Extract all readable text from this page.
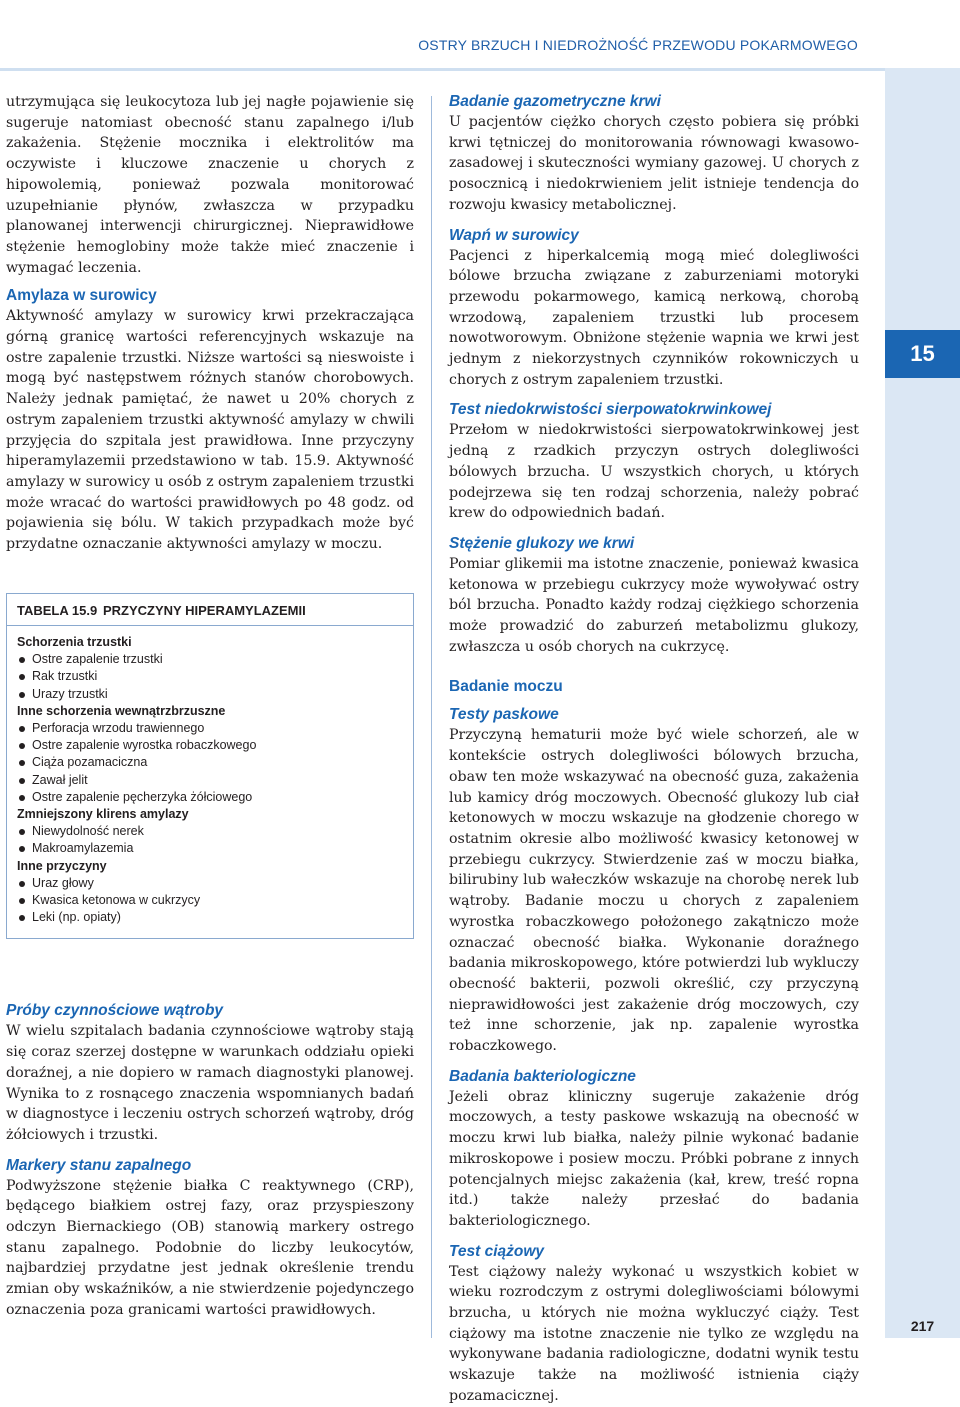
OSTRY BRZUCH I NIEDROŻNOŚĆ PRZEWODU POKARMOWEGO
15
217

utrzymująca się leukocytoza lub jej nagłe pojawienie się sugeruje natomiast obecność stanu zapalnego i/lub zakażenia. Stężenie mocznika i elektrolitów ma oczywiste i kluczowe znaczenie u chorych z hipowolemią, ponieważ pozwala monitorować uzupełnianie płynów, zwłaszcza w przypadku planowanej interwencji chirurgicznej. Nieprawidłowe stężenie hemoglobiny może także mieć znaczenie i wymagać leczenia.

Amylaza w surowicy

Aktywność amylazy w surowicy krwi przekraczająca górną granicę wartości referencyjnych wskazuje na ostre zapalenie trzustki. Niższe wartości są nieswoiste i mogą być następstwem różnych stanów chorobowych. Należy jednak pamiętać, że nawet u 20% chorych z ostrym zapaleniem trzustki aktywność amylazy w chwili przyjęcia do szpitala jest prawidłowa. Inne przyczyny hiperamylazemii przedstawiono w tab. 15.9. Aktywność amylazy w surowicy u osób z ostrym zapaleniem trzustki może wracać do wartości prawidłowych po 48 godz. od pojawienia się bólu. W takich przypadkach może być przydatne oznaczanie aktywności amylazy w moczu.

TABELA 15.9 PRZYCZYNY HIPERAMYLAZEMII
Schorzenia trzustki
Ostre zapalenie trzustki
Rak trzustki
Urazy trzustki
Inne schorzenia wewnątrzbrzuszne
Perforacja wrzodu trawiennego
Ostre zapalenie wyrostka robaczkowego
Ciąża pozamaciczna
Zawał jelit
Ostre zapalenie pęcherzyka żółciowego
Zmniejszony klirens amylazy
Niewydolność nerek
Makroamylazemia
Inne przyczyny
Uraz głowy
Kwasica ketonowa w cukrzycy
Leki (np. opiaty)

Próby czynnościowe wątroby

W wielu szpitalach badania czynnościowe wątroby stają się coraz szerzej dostępne w warunkach oddziału opieki doraźnej, a nie dopiero w ramach diagnostyki planowej. Wynika to z rosnącego znaczenia wspomnianych badań w diagnostyce i leczeniu ostrych schorzeń wątroby, dróg żółciowych i trzustki.

Markery stanu zapalnego

Podwyższone stężenie białka C reaktywnego (CRP), będącego białkiem ostrej fazy, oraz przyspieszony odczyn Biernackiego (OB) stanowią markery ostrego stanu zapalnego. Podobnie do liczby leukocytów, najbardziej przydatne jest jednak określenie trendu zmian oby wskaźników, a nie stwierdzenie pojedynczego oznaczenia poza granicami wartości prawidłowych.

Badanie gazometryczne krwi

U pacjentów ciężko chorych często pobiera się próbki krwi tętniczej do monitorowania równowagi kwasowo-zasadowej i skuteczności wymiany gazowej. U chorych z posocznicą i niedokrwieniem jelit istnieje tendencja do rozwoju kwasicy metabolicznej.

Wapń w surowicy

Pacjenci z hiperkalcemią mogą mieć dolegliwości bólowe brzucha związane z zaburzeniami motoryki przewodu pokarmowego, kamicą nerkową, chorobą wrzodową, zapaleniem trzustki lub procesem nowotworowym. Obniżone stężenie wapnia we krwi jest jednym z niekorzystnych czynników rokowniczych u chorych z ostrym zapaleniem trzustki.

Test niedokrwistości sierpowatokrwinkowej

Przełom w niedokrwistości sierpowatokrwinkowej jest jedną z rzadkich przyczyn ostrych dolegliwości bólowych brzucha. U wszystkich chorych, u których podejrzewa się ten rodzaj schorzenia, należy pobrać krew do odpowiednich badań.

Stężenie glukozy we krwi

Pomiar glikemii ma istotne znaczenie, ponieważ kwasica ketonowa w przebiegu cukrzycy może wywoływać ostry ból brzucha. Ponadto każdy rodzaj ciężkiego schorzenia może prowadzić do zaburzeń metabolizmu glukozy, zwłaszcza u osób chorych na cukrzycę.

Badanie moczu

Testy paskowe

Przyczyną hematurii może być wiele schorzeń, ale w kontekście ostrych dolegliwości bólowych brzucha, obaw ten może wskazywać na obecność guza, zakażenia lub kamicy dróg moczowych. Obecność glukozy lub ciał ketonowych w moczu wskazuje na głodzenie chorego w ostatnim okresie albo możliwość kwasicy ketonowej w przebiegu cukrzycy. Stwierdzenie zaś w moczu białka, bilirubiny lub wałeczków wskazuje na chorobę nerek lub wątroby. Badanie moczu u chorych z zapaleniem wyrostka robaczkowego położonego zakątniczo może oznaczać obecność białka. Wykonanie doraźnego badania mikroskopowego, które potwierdzi lub wykluczy obecność bakterii, pozwoli określić, czy przyczyną nieprawidłowości jest zakażenie dróg moczowych, czy też inne schorzenie, jak np. zapalenie wyrostka robaczkowego.

Badania bakteriologiczne

Jeżeli obraz kliniczny sugeruje zakażenie dróg moczowych, a testy paskowe wskazują na obecność w moczu krwi lub białka, należy pilnie wykonać badanie mikroskopowe i posiew moczu. Próbki pobrane z innych potencjalnych miejsc zakażenia (kał, krew, treść ropna itd.) także należy przesłać do badania bakteriologicznego.

Test ciążowy

Test ciążowy należy wykonać u wszystkich kobiet w wieku rozrodczym z ostrymi dolegliwościami bólowymi brzucha, u których nie można wykluczyć ciąży. Test ciążowy ma istotne znaczenie nie tylko ze względu na wykonywane badania radiologiczne, dodatni wynik testu wskazuje także na możliwość istnienia ciąży pozamacicznej.
